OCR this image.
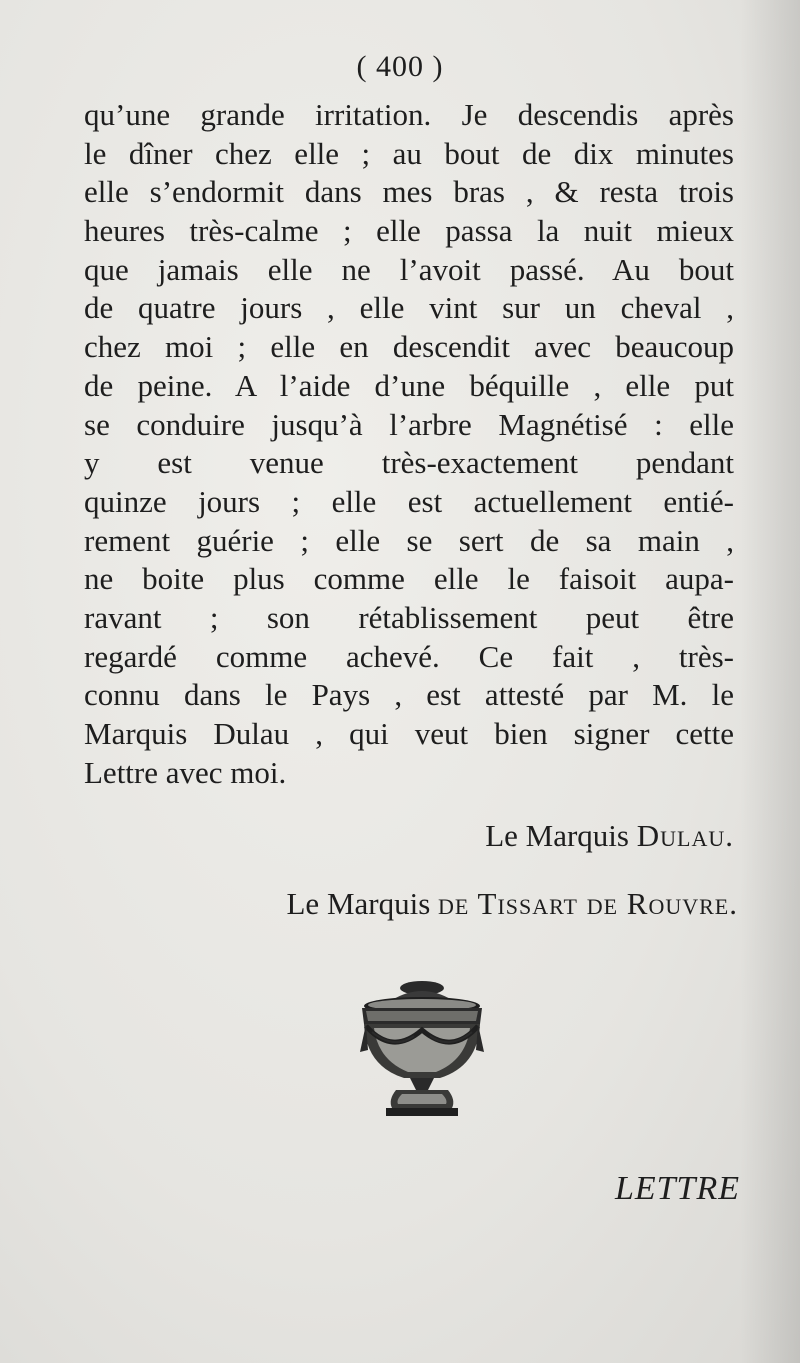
( 400 )
qu’une grande irritation. Je descendis après
le dîner chez elle ; au bout de dix minutes
elle s’endormit dans mes bras , & resta trois
heures très-calme ; elle passa la nuit mieux
que jamais elle ne l’avoit passé. Au bout
de quatre jours , elle vint sur un cheval ,
chez moi ; elle en descendit avec beaucoup
de peine. A l’aide d’une béquille , elle put
se conduire jusqu’à l’arbre Magnétisé : elle
y est venue très-exactement pendant
quinze jours ; elle est actuellement entié-
rement guérie ; elle se sert de sa main ,
ne boite plus comme elle le faisoit aupa-
ravant ; son rétablissement peut être
regardé comme achevé. Ce fait , très-
connu dans le Pays , est attesté par M. le
Marquis Dulau , qui veut bien signer cette
Lettre avec moi.
Le Marquis Dulau.
Le Marquis de Tissart de Rouvre.
LETTRE
